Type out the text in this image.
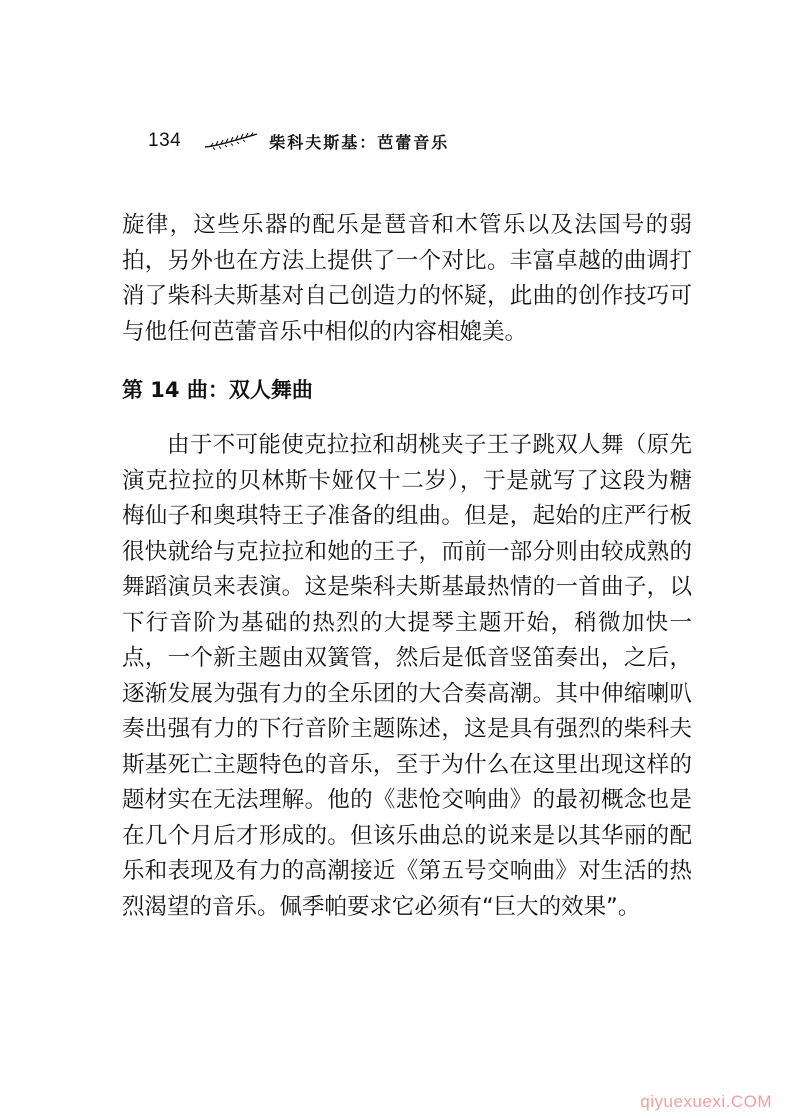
134	柴科夫斯基：芭蕾音乐

旋律，这些乐器的配乐是琶音和木管乐以及法国号的弱拍，另外也在方法上提供了一个对比。丰富卓越的曲调打消了柴科夫斯基对自己创造力的怀疑，此曲的创作技巧可与他任何芭蕾音乐中相似的内容相媲美。

第 14 曲：双人舞曲

由于不可能使克拉拉和胡桃夹子王子跳双人舞（原先演克拉拉的贝林斯卡娅仅十二岁），于是就写了这段为糖梅仙子和奥琪特王子准备的组曲。但是，起始的庄严行板很快就给与克拉拉和她的王子，而前一部分则由较成熟的舞蹈演员来表演。这是柴科夫斯基最热情的一首曲子，以下行音阶为基础的热烈的大提琴主题开始，稍微加快一点，一个新主题由双簧管，然后是低音竖笛奏出，之后，逐渐发展为强有力的全乐团的大合奏高潮。其中伸缩喇叭奏出强有力的下行音阶主题陈述，这是具有强烈的柴科夫斯基死亡主题特色的音乐，至于为什么在这里出现这样的题材实在无法理解。他的《悲怆交响曲》的最初概念也是在几个月后才形成的。但该乐曲总的说来是以其华丽的配乐和表现及有力的高潮接近《第五号交响曲》对生活的热烈渴望的音乐。佩季帕要求它必须有“巨大的效果”。

qiyuexuexi.COM
